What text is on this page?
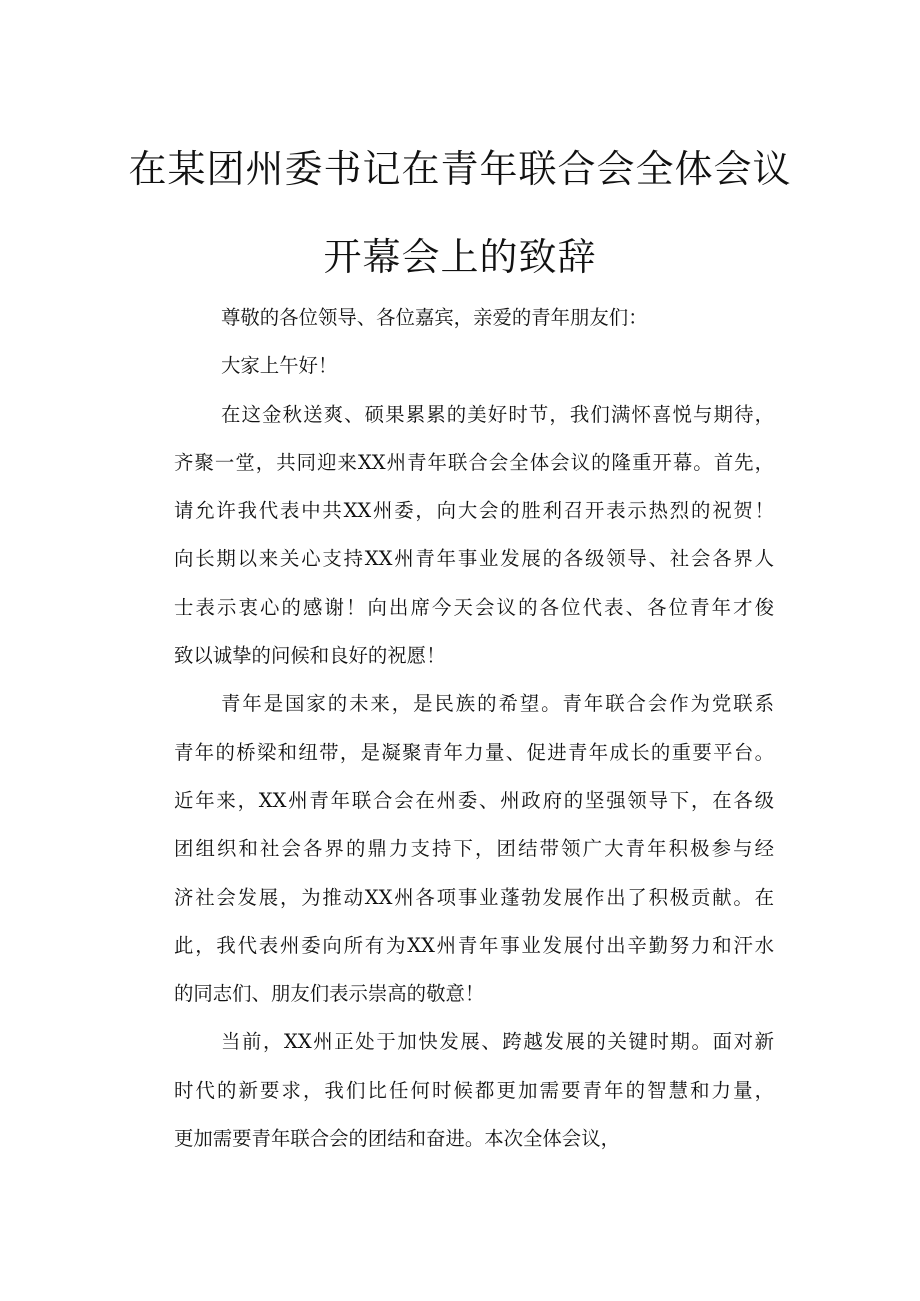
在某团州委书记在青年联合会全体会议
开幕会上的致辞
尊敬的各位领导、各位嘉宾，亲爱的青年朋友们：
大家上午好！
在这金秋送爽、硕果累累的美好时节，我们满怀喜悦与期待，
齐聚一堂，共同迎来XX州青年联合会全体会议的隆重开幕。首先，
请允许我代表中共XX州委，向大会的胜利召开表示热烈的祝贺！
向长期以来关心支持XX州青年事业发展的各级领导、社会各界人
士表示衷心的感谢！向出席今天会议的各位代表、各位青年才俊
致以诚挚的问候和良好的祝愿！
青年是国家的未来，是民族的希望。青年联合会作为党联系
青年的桥梁和纽带，是凝聚青年力量、促进青年成长的重要平台。
近年来，XX州青年联合会在州委、州政府的坚强领导下，在各级
团组织和社会各界的鼎力支持下，团结带领广大青年积极参与经
济社会发展，为推动XX州各项事业蓬勃发展作出了积极贡献。在
此，我代表州委向所有为XX州青年事业发展付出辛勤努力和汗水
的同志们、朋友们表示崇高的敬意！
当前，XX州正处于加快发展、跨越发展的关键时期。面对新
时代的新要求，我们比任何时候都更加需要青年的智慧和力量，
更加需要青年联合会的团结和奋进。本次全体会议，
